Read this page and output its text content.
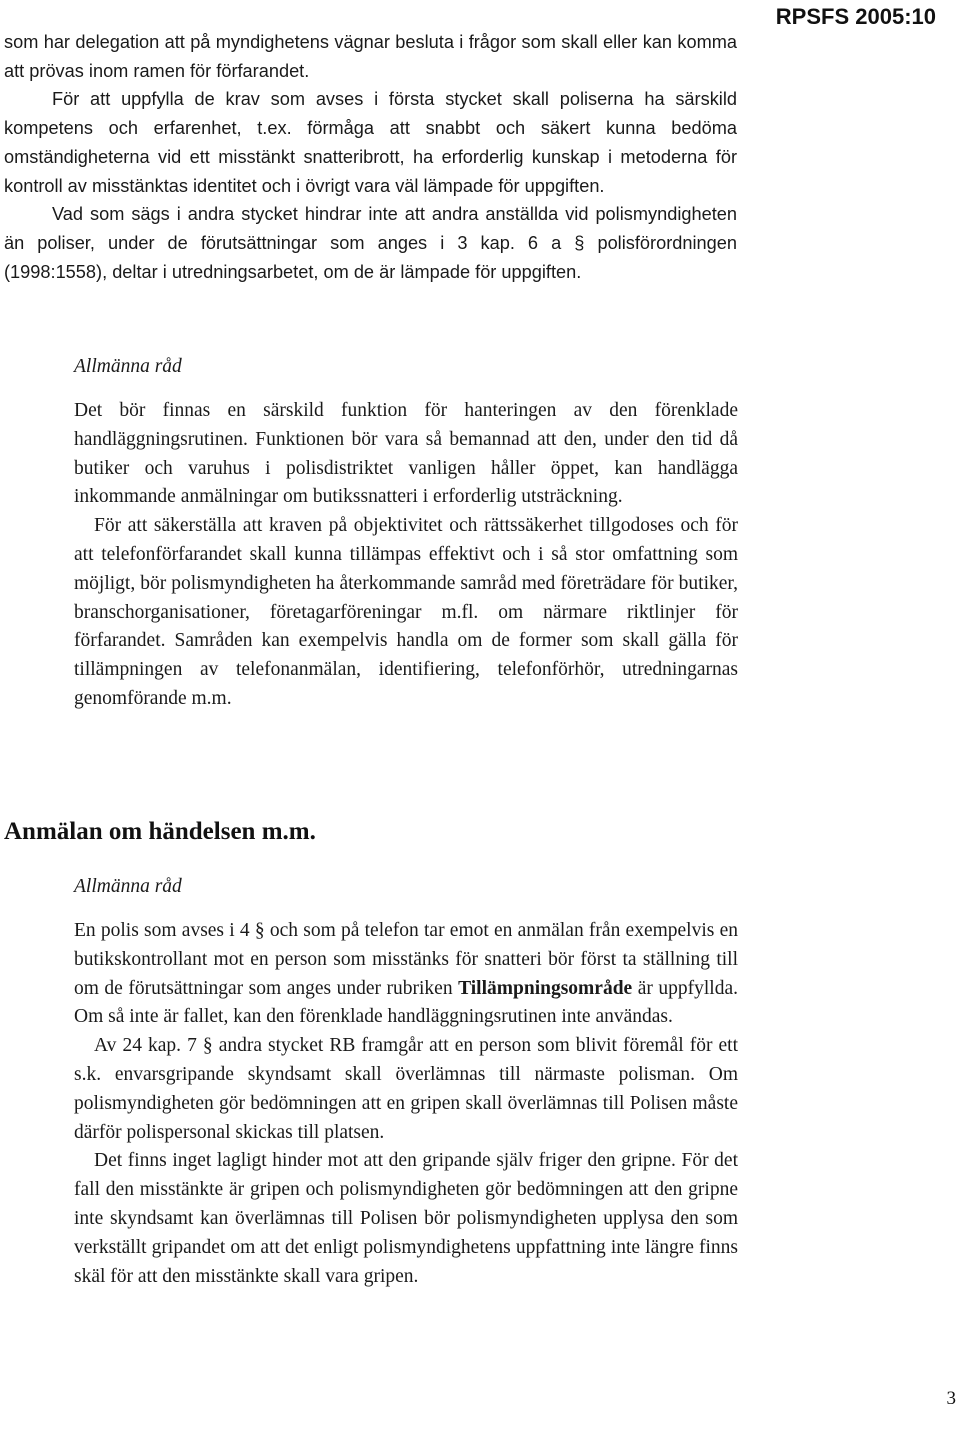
RPSFS 2005:10

som har delegation att på myndighetens vägnar besluta i frågor som skall eller kan komma att prövas inom ramen för förfarandet.

För att uppfylla de krav som avses i första stycket skall poliserna ha särskild kompetens och erfarenhet, t.ex. förmåga att snabbt och säkert kunna bedöma omständigheterna vid ett misstänkt snatteribrott, ha erforderlig kunskap i metoderna för kontroll av misstänktas identitet och i övrigt vara väl lämpade för uppgiften.

Vad som sägs i andra stycket hindrar inte att andra anställda vid polismyndigheten än poliser, under de förutsättningar som anges i 3 kap. 6 a § polisförordningen (1998:1558), deltar i utredningsarbetet, om de är lämpade för uppgiften.

Allmänna råd

Det bör finnas en särskild funktion för hanteringen av den förenklade handläggningsrutinen. Funktionen bör vara så bemannad att den, under den tid då butiker och varuhus i polisdistriktet vanligen håller öppet, kan handlägga inkommande anmälningar om butikssnatteri i erforderlig utsträckning.

För att säkerställa att kraven på objektivitet och rättssäkerhet tillgodoses och för att telefonförfarandet skall kunna tillämpas effektivt och i så stor omfattning som möjligt, bör polismyndigheten ha återkommande samråd med företrädare för butiker, branschorganisationer, företagarföreningar m.fl. om närmare riktlinjer för förfarandet. Samråden kan exempelvis handla om de former som skall gälla för tillämpningen av telefonanmälan, identifiering, telefonförhör, utredningarnas genomförande m.m.

Anmälan om händelsen m.m.
Allmänna råd

En polis som avses i 4 § och som på telefon tar emot en anmälan från exempelvis en butikskontrollant mot en person som misstänks för snatteri bör först ta ställning till om de förutsättningar som anges under rubriken Tillämpningsområde är uppfyllda. Om så inte är fallet, kan den förenklade handläggningsrutinen inte användas.

Av 24 kap. 7 § andra stycket RB framgår att en person som blivit föremål för ett s.k. envarsgripande skyndsamt skall överlämnas till närmaste polisman. Om polismyndigheten gör bedömningen att en gripen skall överlämnas till Polisen måste därför polispersonal skickas till platsen.

Det finns inget lagligt hinder mot att den gripande själv friger den gripne. För det fall den misstänkte är gripen och polismyndigheten gör bedömningen att den gripne inte skyndsamt kan överlämnas till Polisen bör polismyndigheten upplysa den som verkställt gripandet om att det enligt polismyndighetens uppfattning inte längre finns skäl för att den misstänkte skall vara gripen.

3
